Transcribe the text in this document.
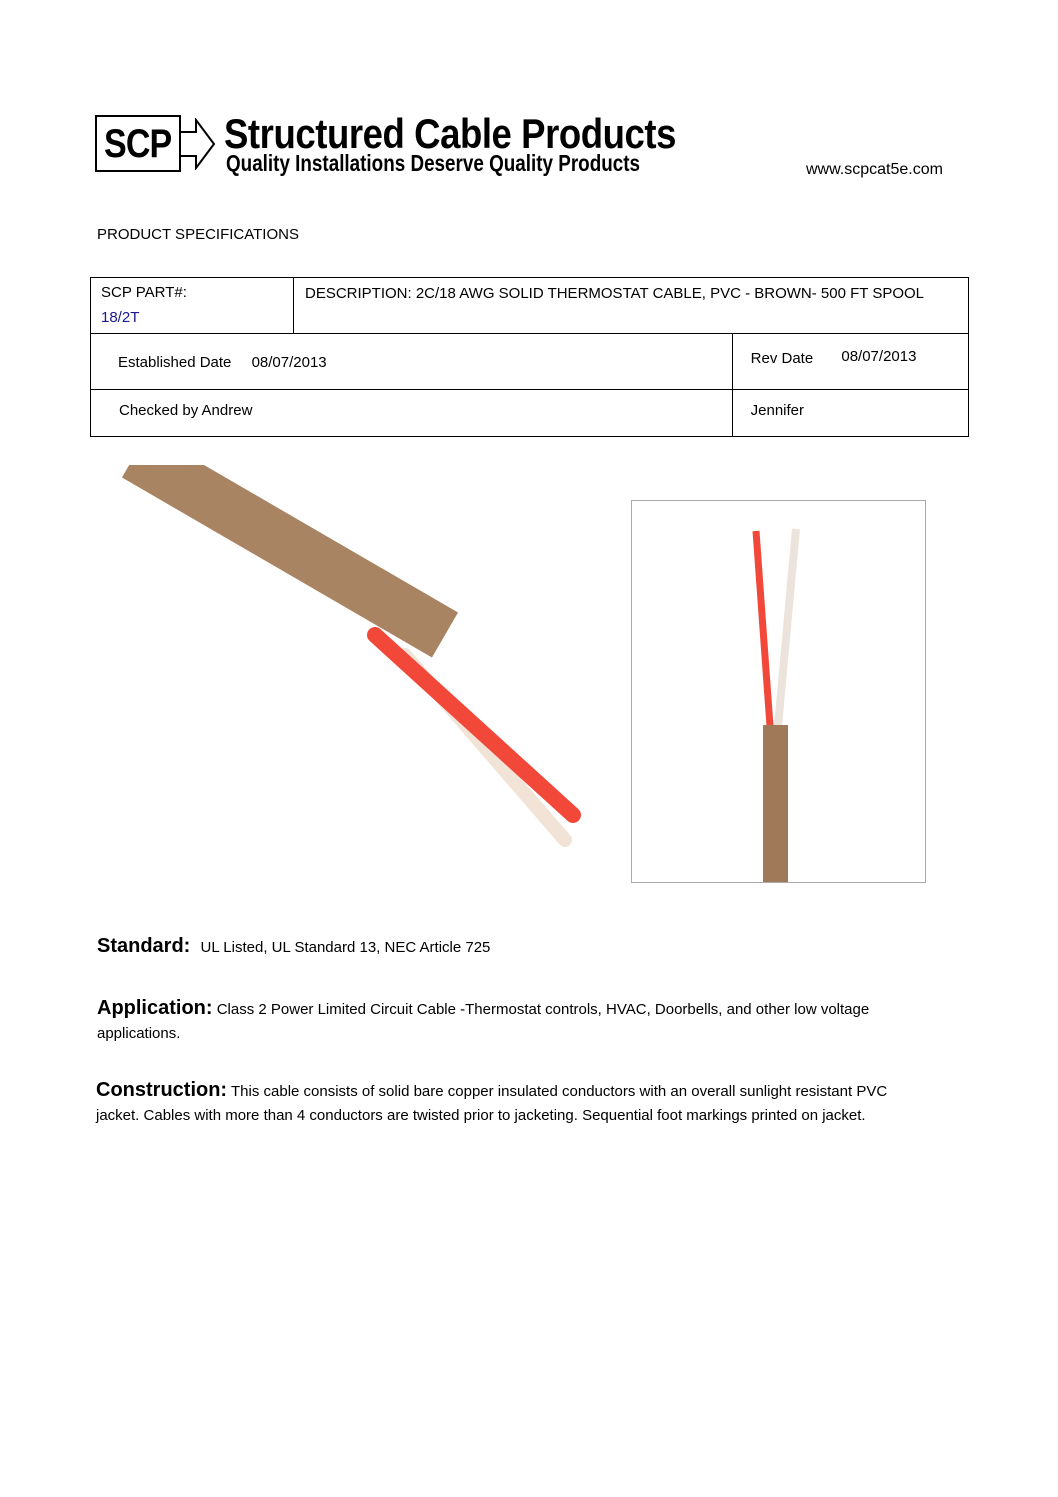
SCP Structured Cable Products
Quality Installations Deserve Quality Products	www.scpcat5e.com
PRODUCT SPECIFICATIONS
SCP PART#:
18/2T	DESCRIPTION: 2C/18 AWG SOLID THERMOSTAT CABLE, PVC - BROWN- 500 FT SPOOL	
Established Date 08/07/2013		Rev Date 08/07/2013
Checked by Andrew		Jennifer
Standard: UL Listed, UL Standard 13, NEC Article 725
Application: Class 2 Power Limited Circuit Cable -Thermostat controls, HVAC, Doorbells, and other low voltage applications.
Construction: This cable consists of solid bare copper insulated conductors with an overall sunlight resistant PVC jacket. Cables with more than 4 conductors are twisted prior to jacketing. Sequential foot markings printed on jacket.
